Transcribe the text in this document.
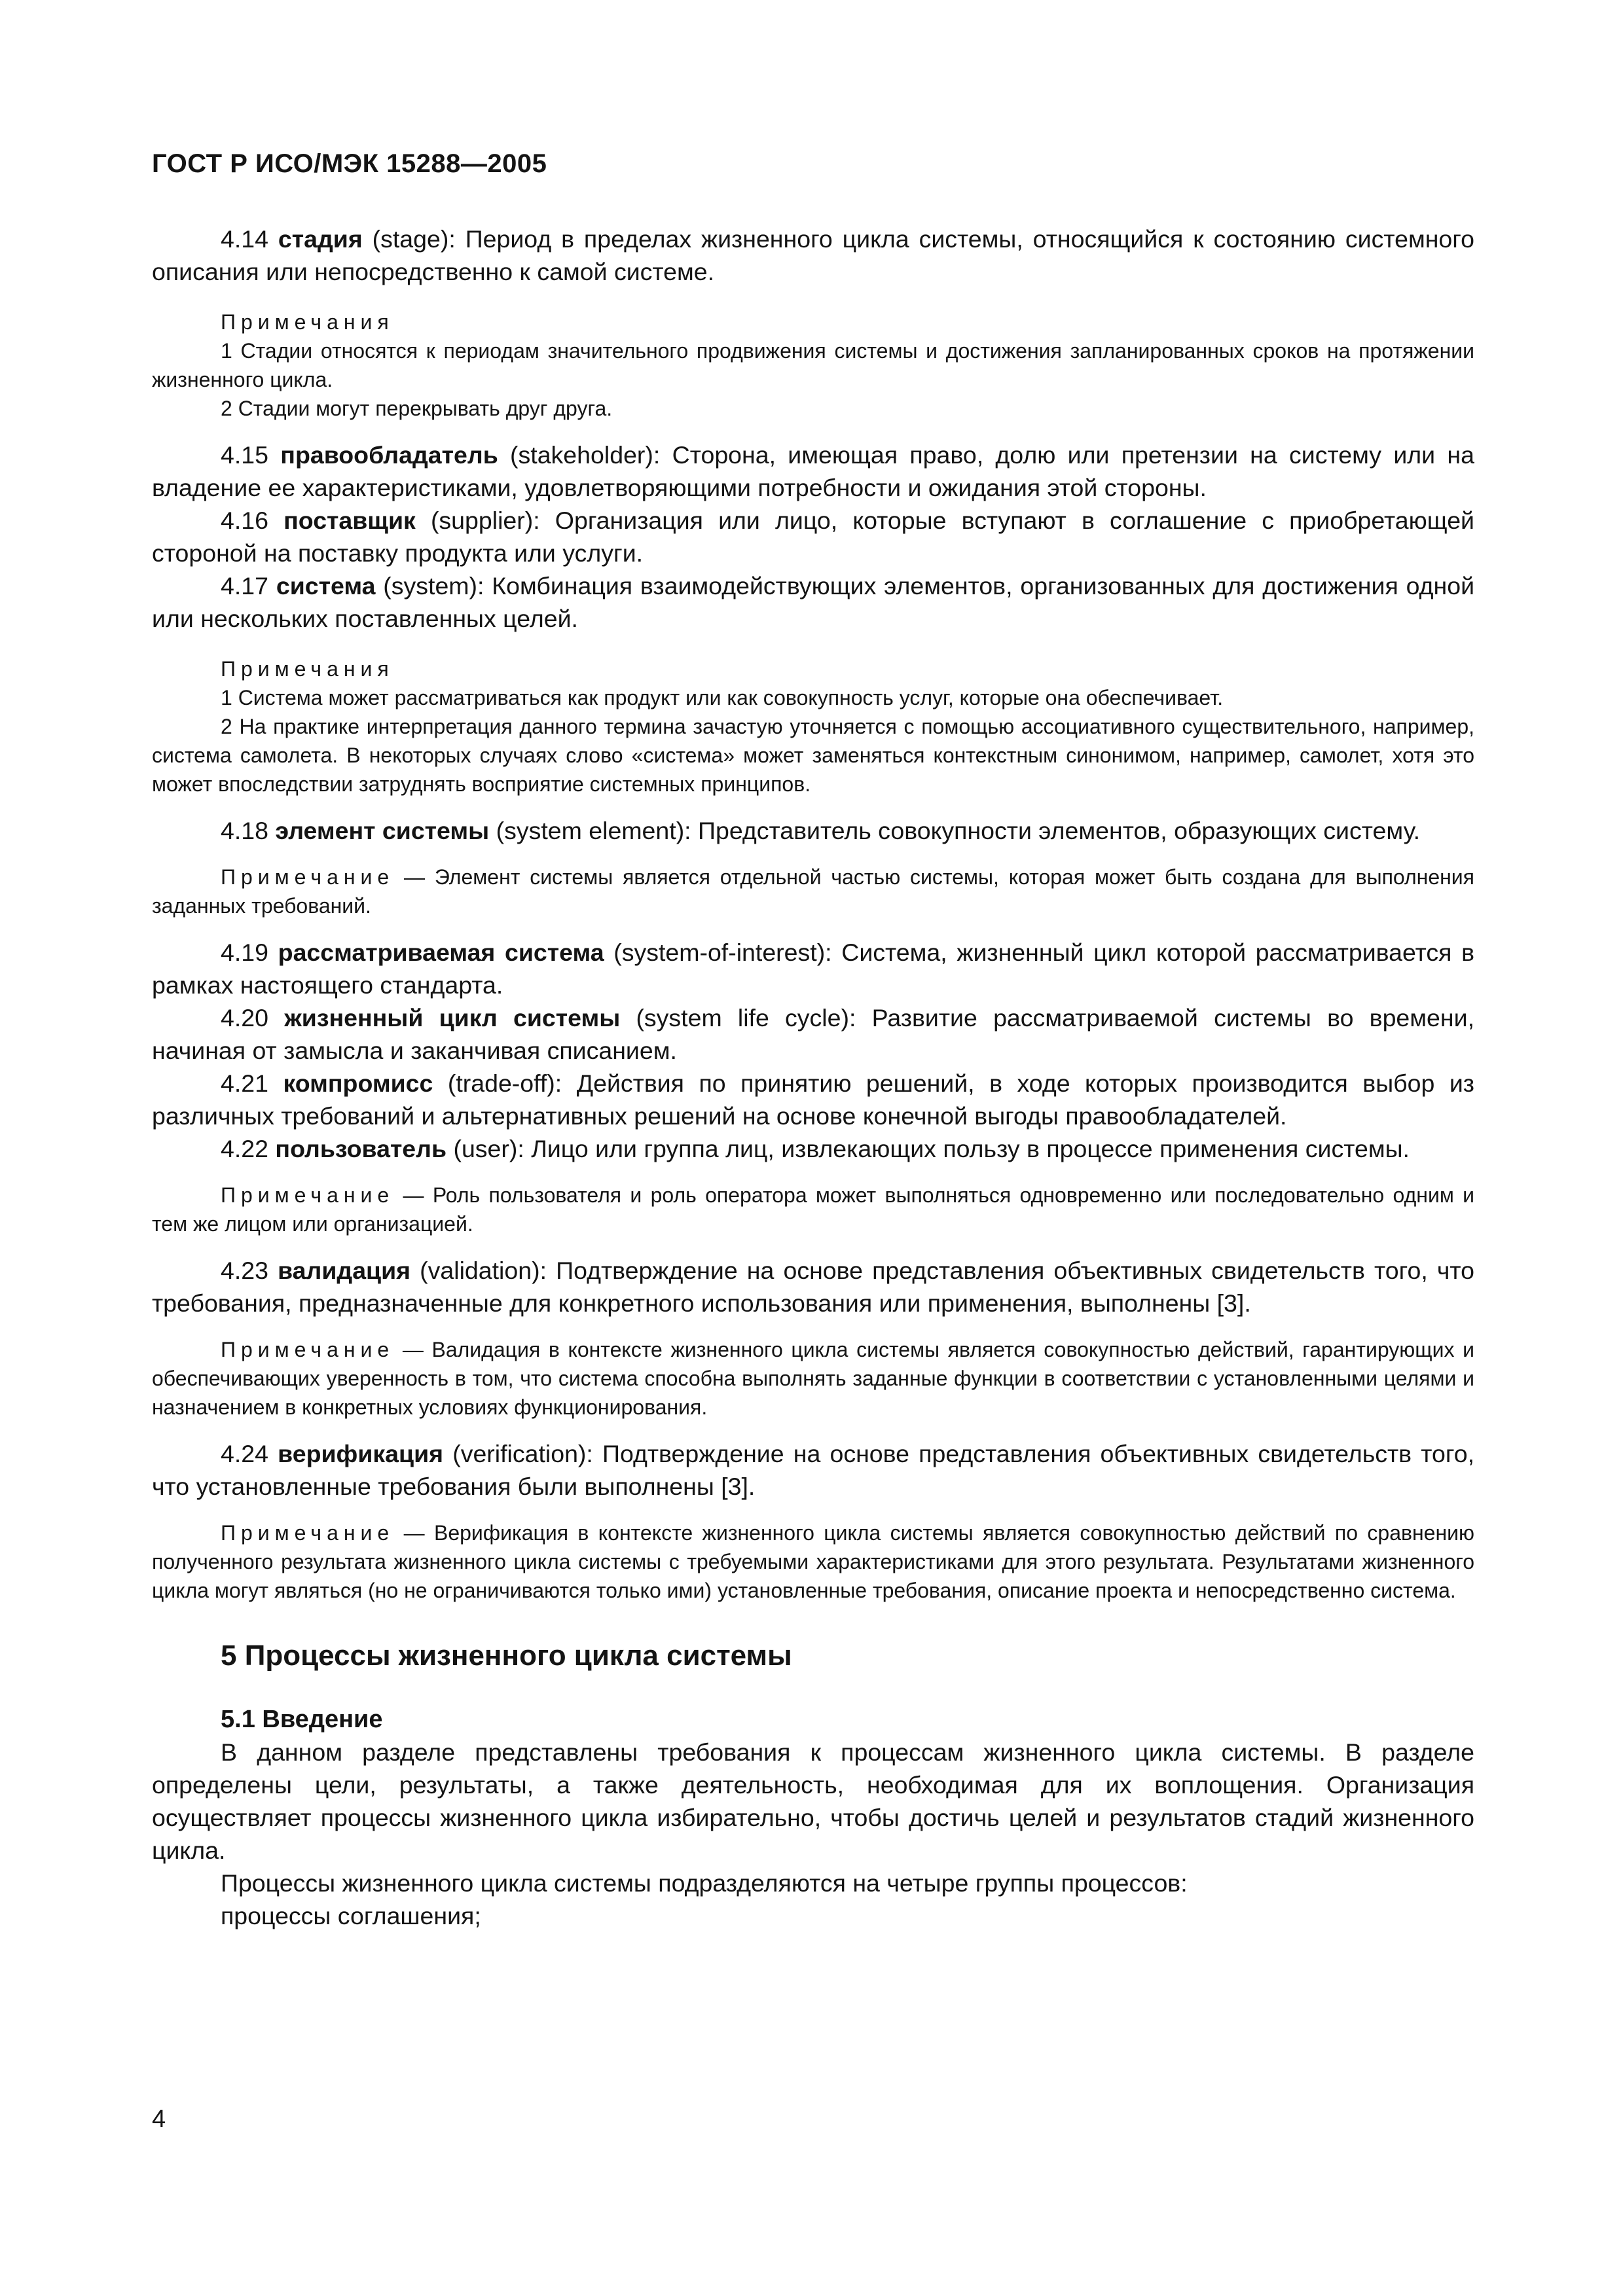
ГОСТ Р ИСО/МЭК 15288—2005

4.14 стадия (stage): Период в пределах жизненного цикла системы, относящийся к состоянию системного описания или непосредственно к самой системе.

Примечания

1 Стадии относятся к периодам значительного продвижения системы и достижения запланированных сроков на протяжении жизненного цикла.

2 Стадии могут перекрывать друг друга.

4.15 правообладатель (stakeholder): Сторона, имеющая право, долю или претензии на систему или на владение ее характеристиками, удовлетворяющими потребности и ожидания этой стороны.

4.16 поставщик (supplier): Организация или лицо, которые вступают в соглашение с приобретающей стороной на поставку продукта или услуги.

4.17 система (system): Комбинация взаимодействующих элементов, организованных для достижения одной или нескольких поставленных целей.

Примечания

1 Система может рассматриваться как продукт или как совокупность услуг, которые она обеспечивает.

2 На практике интерпретация данного термина зачастую уточняется с помощью ассоциативного существительного, например, система самолета. В некоторых случаях слово «система» может заменяться контекстным синонимом, например, самолет, хотя это может впоследствии затруднять восприятие системных принципов.

4.18 элемент системы (system element): Представитель совокупности элементов, образующих систему.

Примечание — Элемент системы является отдельной частью системы, которая может быть создана для выполнения заданных требований.

4.19 рассматриваемая система (system-of-interest): Система, жизненный цикл которой рассматривается в рамках настоящего стандарта.

4.20 жизненный цикл системы (system life cycle): Развитие рассматриваемой системы во времени, начиная от замысла и заканчивая списанием.

4.21 компромисс (trade-off): Действия по принятию решений, в ходе которых производится выбор из различных требований и альтернативных решений на основе конечной выгоды правообладателей.

4.22 пользователь (user): Лицо или группа лиц, извлекающих пользу в процессе применения системы.

Примечание — Роль пользователя и роль оператора может выполняться одновременно или последовательно одним и тем же лицом или организацией.

4.23 валидация (validation): Подтверждение на основе представления объективных свидетельств того, что требования, предназначенные для конкретного использования или применения, выполнены [3].

Примечание — Валидация в контексте жизненного цикла системы является совокупностью действий, гарантирующих и обеспечивающих уверенность в том, что система способна выполнять заданные функции в соответствии с установленными целями и назначением в конкретных условиях функционирования.

4.24 верификация (verification): Подтверждение на основе представления объективных свидетельств того, что установленные требования были выполнены [3].

Примечание — Верификация в контексте жизненного цикла системы является совокупностью действий по сравнению полученного результата жизненного цикла системы с требуемыми характеристиками для этого результата. Результатами жизненного цикла могут являться (но не ограничиваются только ими) установленные требования, описание проекта и непосредственно система.

5 Процессы жизненного цикла системы
5.1 Введение

В данном разделе представлены требования к процессам жизненного цикла системы. В разделе определены цели, результаты, а также деятельность, необходимая для их воплощения. Организация осуществляет процессы жизненного цикла избирательно, чтобы достичь целей и результатов стадий жизненного цикла.

Процессы жизненного цикла системы подразделяются на четыре группы процессов:

процессы соглашения;

4
